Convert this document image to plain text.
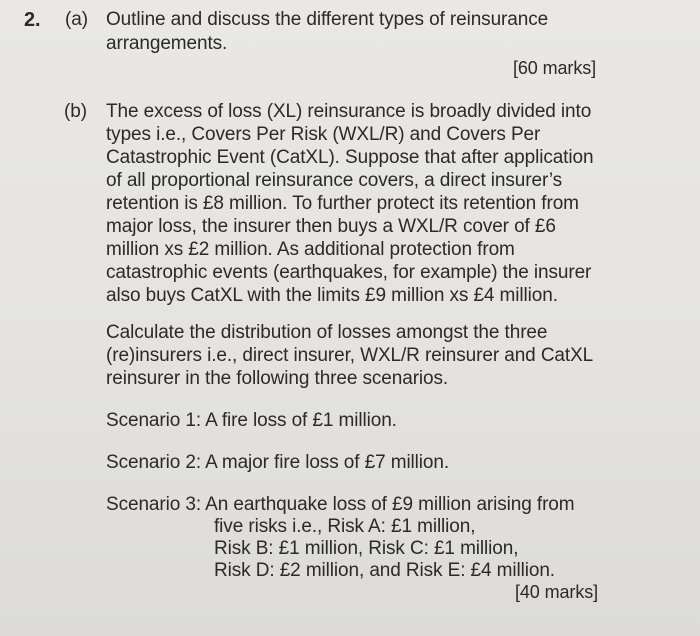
2. (a) Outline and discuss the different types of reinsurance
arrangements.
[60 marks]
(b) The excess of loss (XL) reinsurance is broadly divided into
types i.e., Covers Per Risk (WXL/R) and Covers Per
Catastrophic Event (CatXL). Suppose that after application
of all proportional reinsurance covers, a direct insurer’s
retention is £8 million. To further protect its retention from
major loss, the insurer then buys a WXL/R cover of £6
million xs £2 million. As additional protection from
catastrophic events (earthquakes, for example) the insurer
also buys CatXL with the limits £9 million xs £4 million.
Calculate the distribution of losses amongst the three
(re)insurers i.e., direct insurer, WXL/R reinsurer and CatXL
reinsurer in the following three scenarios.
Scenario 1: A fire loss of £1 million.
Scenario 2: A major fire loss of £7 million.
Scenario 3: An earthquake loss of £9 million arising from
five risks i.e., Risk A: £1 million,
Risk B: £1 million, Risk C: £1 million,
Risk D: £2 million, and Risk E: £4 million.
[40 marks]
